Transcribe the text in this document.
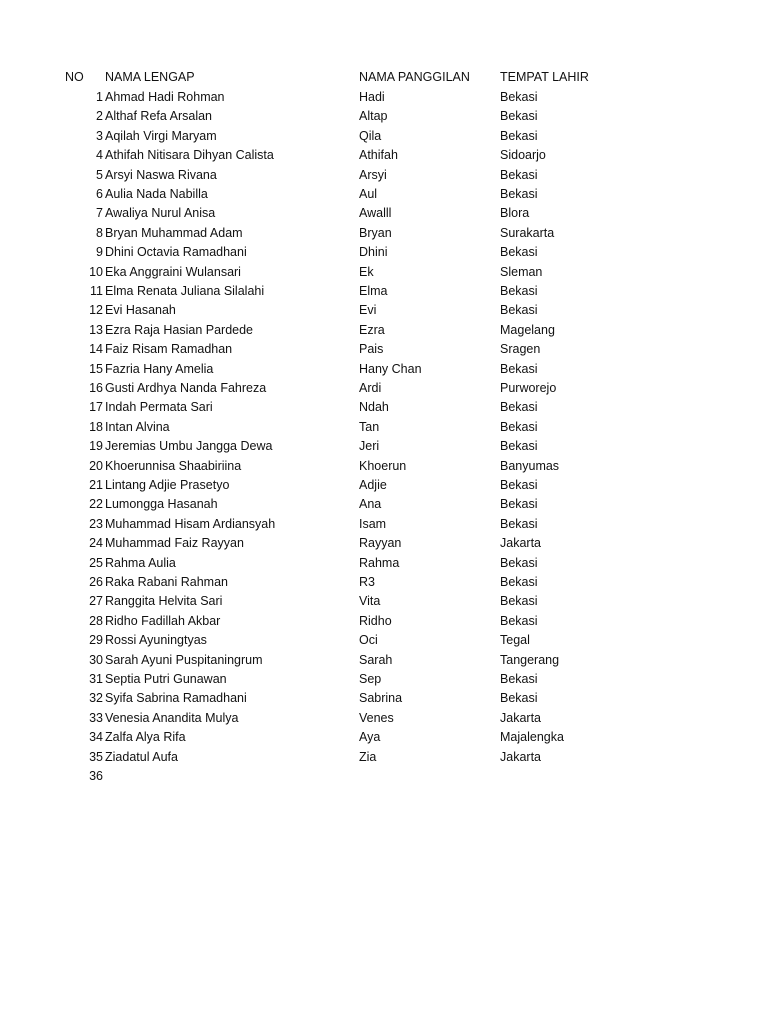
NO	NAMA LENGAP	NAMA PANGGILAN	TEMPAT LAHIR
1 Ahmad Hadi Rohman	Hadi	Bekasi
2 Althaf Refa Arsalan	Altap	Bekasi
3 Aqilah Virgi Maryam	Qila	Bekasi
4 Athifah Nitisara Dihyan Calista	Athifah	Sidoarjo
5 Arsyi Naswa Rivana	Arsyi	Bekasi
6 Aulia Nada Nabilla	Aul	Bekasi
7 Awaliya Nurul Anisa	Awalll	Blora
8 Bryan Muhammad Adam	Bryan	Surakarta
9 Dhini Octavia Ramadhani	Dhini	Bekasi
10 Eka Anggraini Wulansari	Ek	Sleman
11 Elma Renata Juliana Silalahi	Elma	Bekasi
12 Evi Hasanah	Evi	Bekasi
13 Ezra Raja Hasian Pardede	Ezra	Magelang
14 Faiz Risam Ramadhan	Pais	Sragen
15 Fazria Hany Amelia	Hany Chan	Bekasi
16 Gusti Ardhya Nanda Fahreza	Ardi	Purworejo
17 Indah Permata Sari	Ndah	Bekasi
18 Intan Alvina	Tan	Bekasi
19 Jeremias Umbu Jangga Dewa	Jeri	Bekasi
20 Khoerunnisa Shaabiriina	Khoerun	Banyumas
21 Lintang Adjie Prasetyo	Adjie	Bekasi
22 Lumongga Hasanah	Ana	Bekasi
23 Muhammad Hisam Ardiansyah	Isam	Bekasi
24 Muhammad Faiz Rayyan	Rayyan	Jakarta
25 Rahma Aulia	Rahma	Bekasi
26 Raka Rabani Rahman	R3	Bekasi
27 Ranggita Helvita Sari	Vita	Bekasi
28 Ridho Fadillah Akbar	Ridho	Bekasi
29 Rossi Ayuningtyas	Oci	Tegal
30 Sarah Ayuni Puspitaningrum	Sarah	Tangerang
31 Septia Putri Gunawan	Sep	Bekasi
32 Syifa Sabrina Ramadhani	Sabrina	Bekasi
33 Venesia Anandita Mulya	Venes	Jakarta
34 Zalfa Alya Rifa	Aya	Majalengka
35 Ziadatul Aufa	Zia	Jakarta
36
